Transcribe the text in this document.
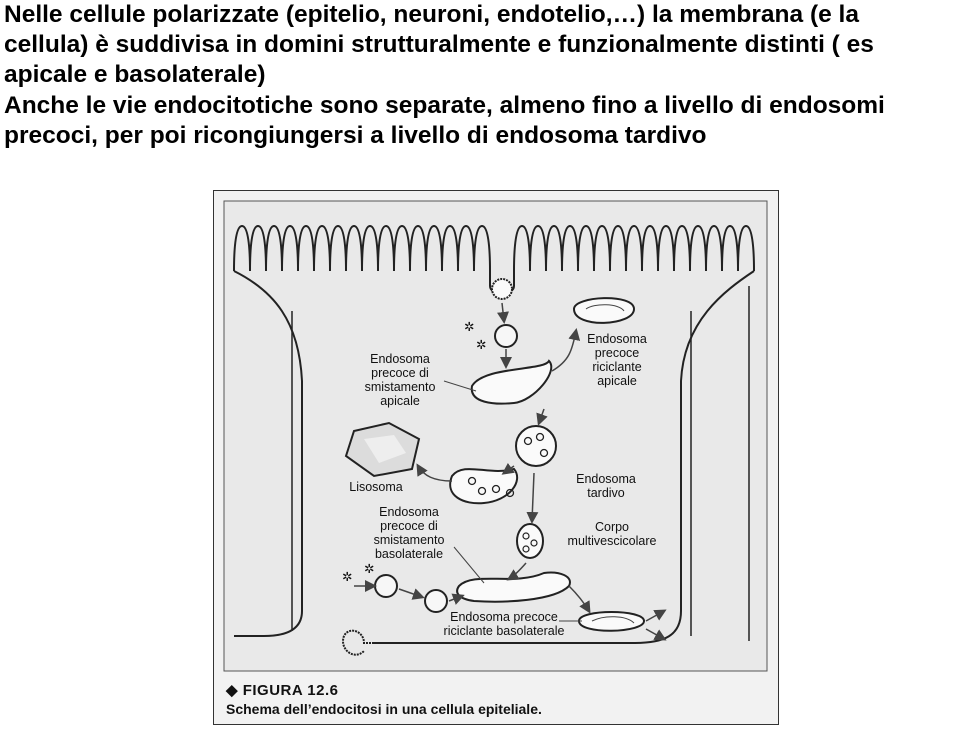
Nelle cellule polarizzate (epitelio, neuroni, endotelio,…) la membrana (e la

cellula) è suddivisa in domini strutturalmente e funzionalmente distinti ( es

apicale e basolaterale)

Anche le vie endocitotiche sono separate, almeno fino a livello di endosomi

precoci, per poi ricongiungersi a livello di endosoma tardivo

✲
✲
✲
✲
Endosoma
precoce di
smistamento
apicale
Endosoma
precoce
riciclante
apicale
Lisosoma
Endosoma
tardivo
Endosoma
precoce di
smistamento
basolaterale
Corpo
multivescicolare
Endosoma precoce
riciclante basolaterale
◆ FIGURA 12.6
Schema dell’endocitosi in una cellula epiteliale.
